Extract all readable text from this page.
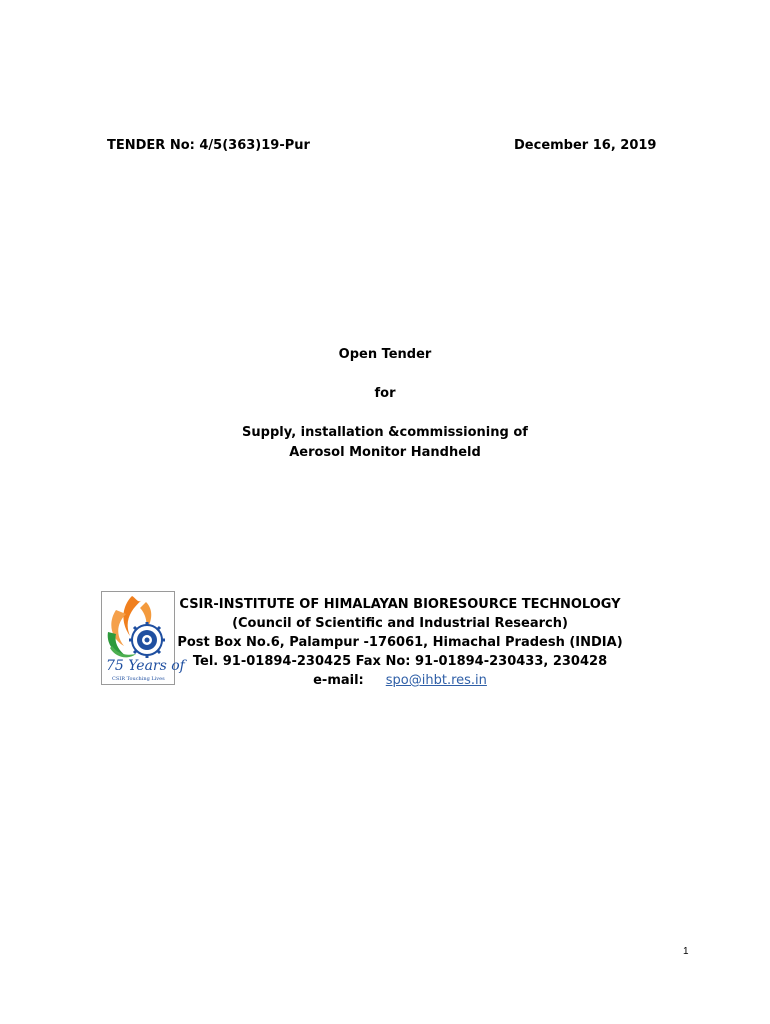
TENDER No: 4/5(363)19-Pur	December 16, 2019
Open Tender
for
Supply, installation &commissioning of
Aerosol Monitor Handheld
75 Years of
CSIR Touching Lives
CSIR-INSTITUTE OF HIMALAYAN BIORESOURCE TECHNOLOGY
(Council of Scientific and Industrial Research)
Post Box No.6, Palampur -176061, Himachal Pradesh (INDIA)
Tel. 91-01894-230425 Fax No: 91-01894-230433, 230428
e-mail: spo@ihbt.res.in
1
